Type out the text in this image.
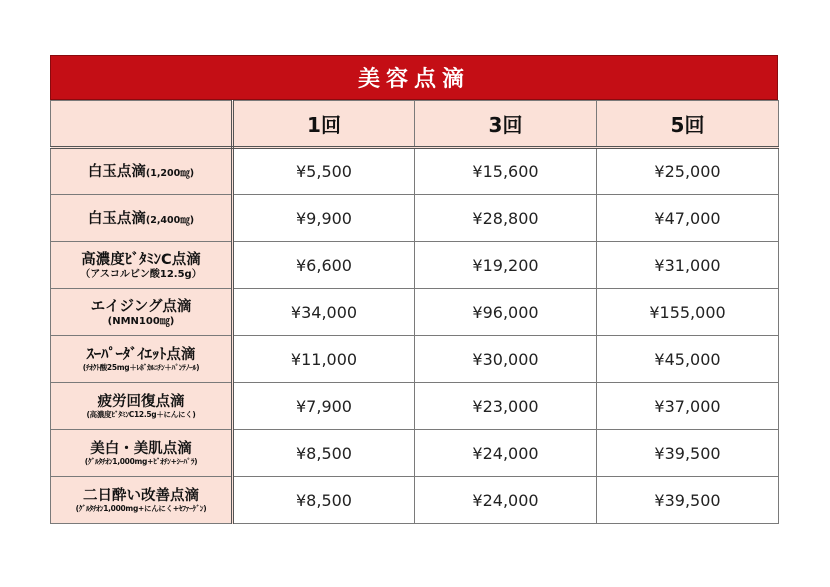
美容点滴
	1回	3回	5回
白玉点滴(1,200㎎)	¥5,500	¥15,600	¥25,000
白玉点滴(2,400㎎)	¥9,900	¥28,800	¥47,000
高濃度ﾋﾞﾀﾐﾝC点滴
（アスコルビン酸12.5g）	¥6,600	¥19,200	¥31,000
エイジング点滴
(NMN100㎎)	¥34,000	¥96,000	¥155,000
ｽｰﾊﾟｰﾀﾞｲｴｯﾄ点滴
(ﾁｵｸﾄ酸25mg＋ﾚﾎﾞｶﾙﾆﾁﾝ＋ﾊﾟﾝﾃﾉｰﾙ)	¥11,000	¥30,000	¥45,000
疲労回復点滴
(高濃度ﾋﾞﾀﾐﾝC12.5g＋にんにく)	¥7,900	¥23,000	¥37,000
美白・美肌点滴
(ｸﾞﾙﾀﾁｵﾝ1,000mg+ﾋﾞｵﾁﾝ+ｼｰﾊﾟﾗ)	¥8,500	¥24,000	¥39,500
二日酔い改善点滴
(ｸﾞﾙﾀﾁｵﾝ1,000mg+にんにく+ｾﾌｧｰｹﾞﾝ)	¥8,500	¥24,000	¥39,500
